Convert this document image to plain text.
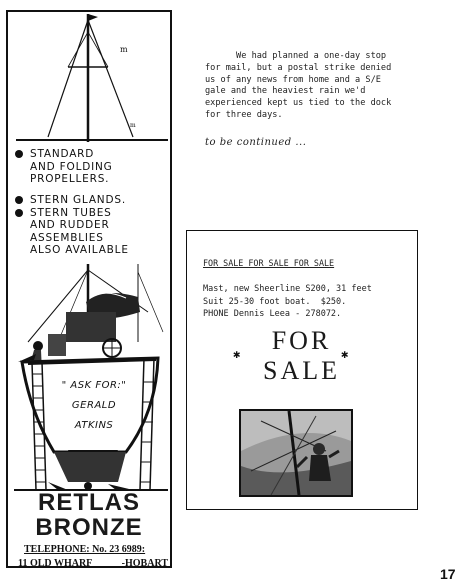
m
m
STANDARD
AND FOLDING
PROPELLERS.
STERN GLANDS.
STERN TUBES
AND RUDDER
ASSEMBLIES
ALSO AVAILABLE
" ASK FOR:"
GERALD
ATKINS
RETLAS
BRONZE
TELEPHONE: No. 23 6989:
11 OLD WHARF	-HOBART
We had planned a one-day stop
for mail, but a postal strike denied
us of any news from home and a S/E
gale and the heaviest rain we'd
experienced kept us tied to the dock
for three days.
to be continued ...
FOR SALE FOR SALE FOR SALE
Mast, new Sheerline S200, 31 feet
Suit 25-30 foot boat.  $250.
PHONE Dennis Leea - 278072.
✱	✱
FOR
SALE
17
